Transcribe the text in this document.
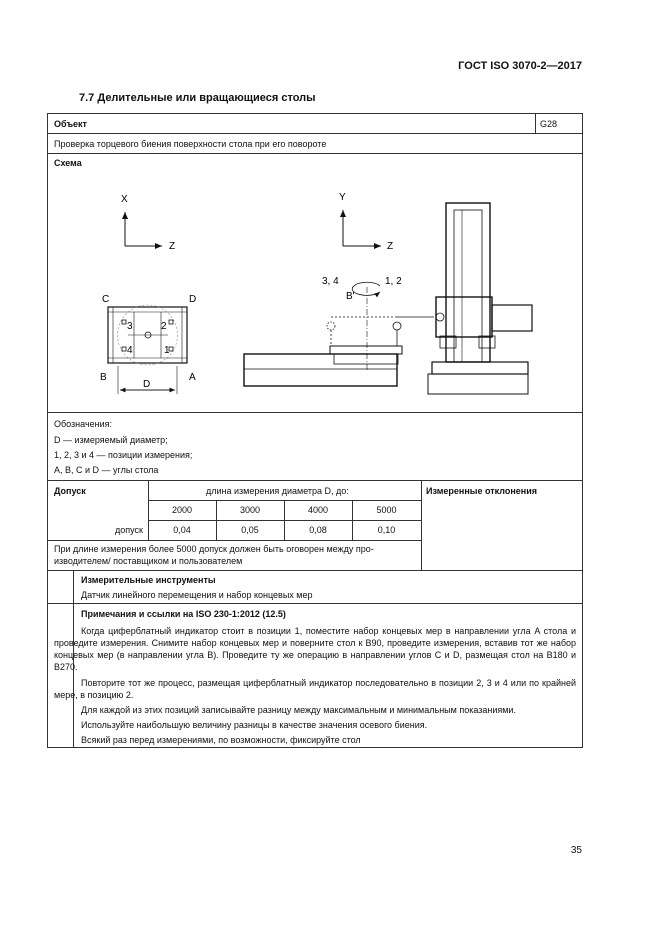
ГОСТ ISO 3070-2—2017
7.7 Делительные или вращающиеся столы
Объект	G28
Проверка торцевого биения поверхности стола при его повороте
Схема
X
Z
Y
Z
C	D
B	A
3	2
4	1
D
3, 4	1, 2
B'
Обозначения:
D — измеряемый диаметр;
1, 2, 3 и 4 — позиции измерения;
A, B, C и D — углы стола
Допуск	длина измерения диаметра D, до:	Измеренные отклонения
2000	3000	4000	5000
допуск	0,04	0,05	0,08	0,10
При длине измерения более 5000 допуск должен быть оговорен между про-изводителем/ поставщиком и пользователем
Измерительные инструменты
Датчик линейного перемещения и набор концевых мер
Примечания и ссылки на ISO 230-1:2012 (12.5)
Когда циферблатный индикатор стоит в позиции 1, поместите набор концевых мер в направлении угла A стола и проведите измерения. Снимите набор концевых мер и поверните стол к B90, проведите измерения, вставив тот же набор концевых мер (в направлении угла B). Проведите ту же операцию в направлении углов C и D, размещая стол на B180 и B270.
Повторите тот же процесс, размещая циферблатный индикатор последовательно в позиции 2, 3 и 4 или по крайней мере, в позицию 2.
Для каждой из этих позиций записывайте разницу между максимальным и минимальным показаниями.
Используйте наибольшую величину разницы в качестве значения осевого биения.
Всякий раз перед измерениями, по возможности, фиксируйте стол
35
